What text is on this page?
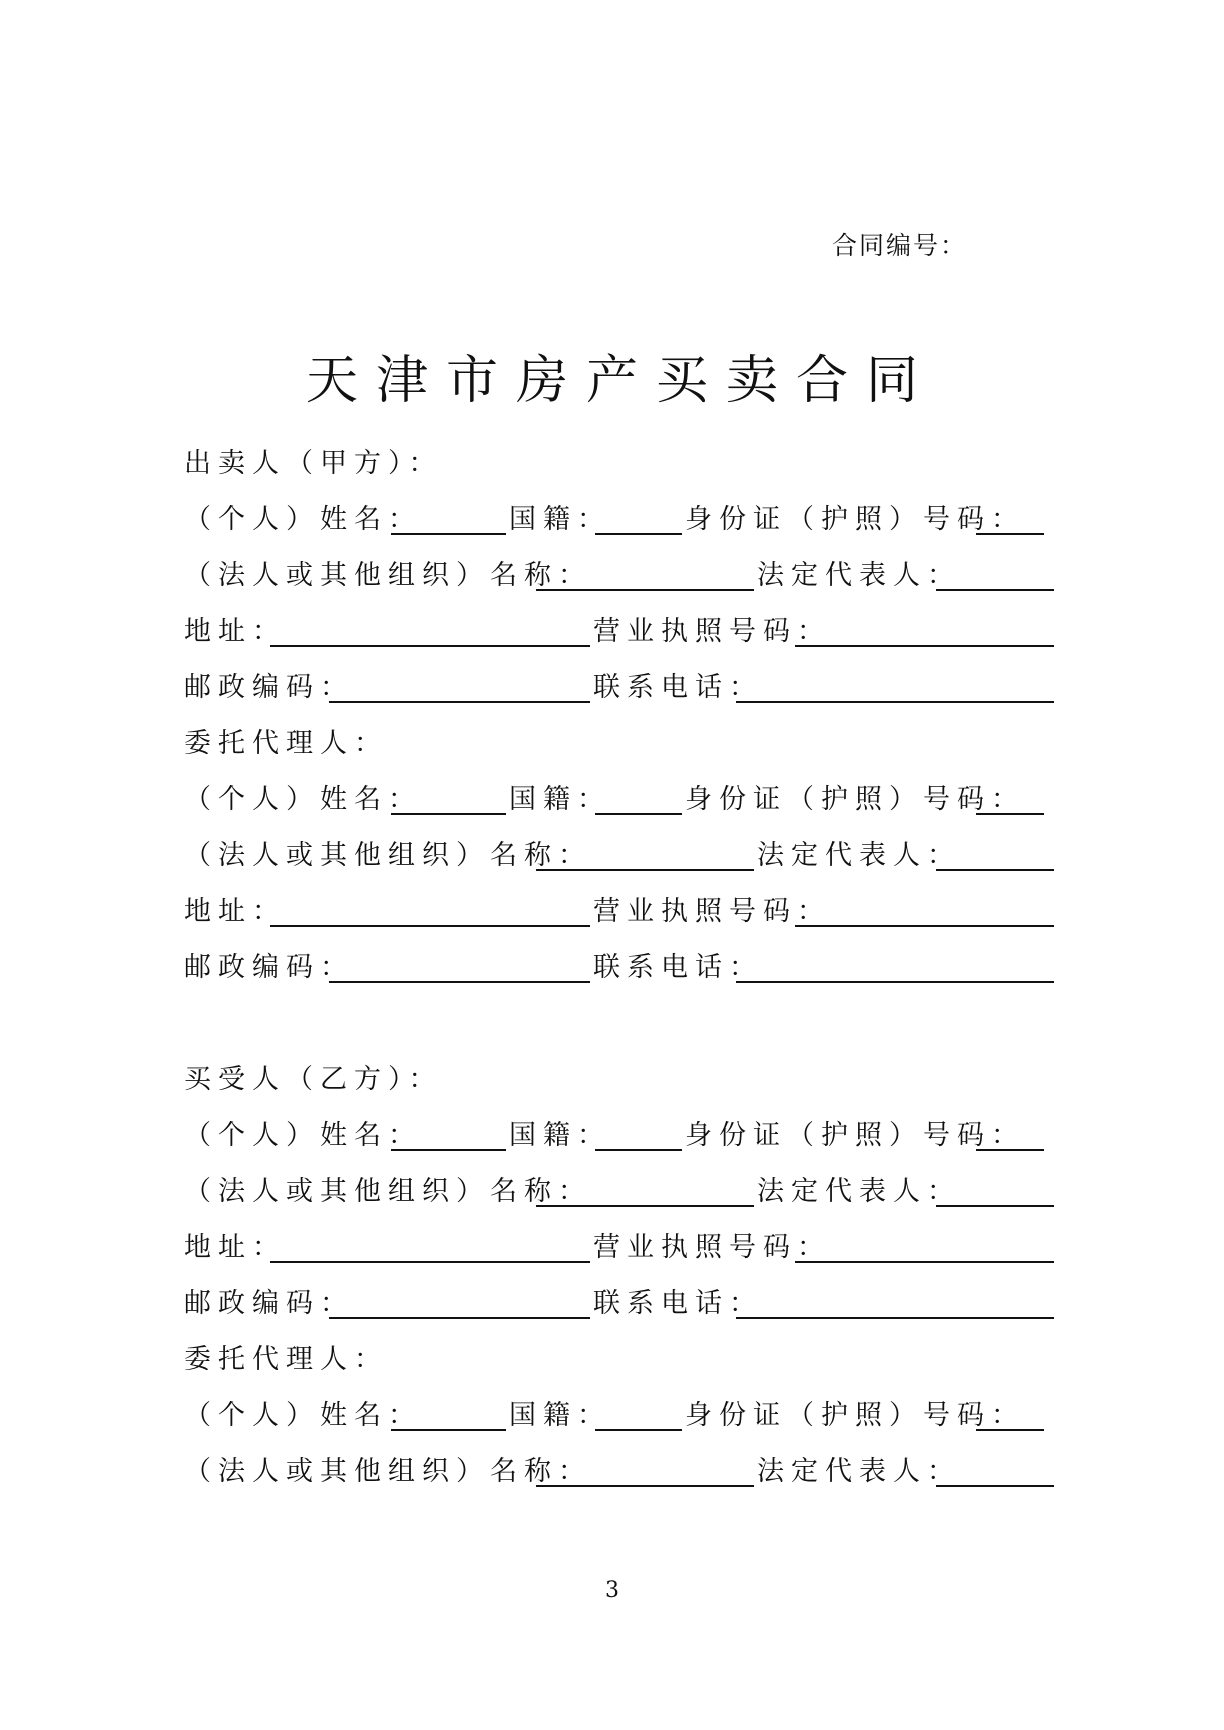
合同编号：
天津市房产买卖合同
出卖人（甲方）：
（个人）姓名：	国籍：	身份证（护照）号码：
（法人或其他组织）名称：	法定代表人：
地址：	营业执照号码：
邮政编码：	联系电话：
委托代理人：
（个人）姓名：	国籍：	身份证（护照）号码：
（法人或其他组织）名称：	法定代表人：
地址：	营业执照号码：
邮政编码：	联系电话：
买受人（乙方）：
（个人）姓名：	国籍：	身份证（护照）号码：
（法人或其他组织）名称：	法定代表人：
地址：	营业执照号码：
邮政编码：	联系电话：
委托代理人：
（个人）姓名：	国籍：	身份证（护照）号码：
（法人或其他组织）名称：	法定代表人：
3
